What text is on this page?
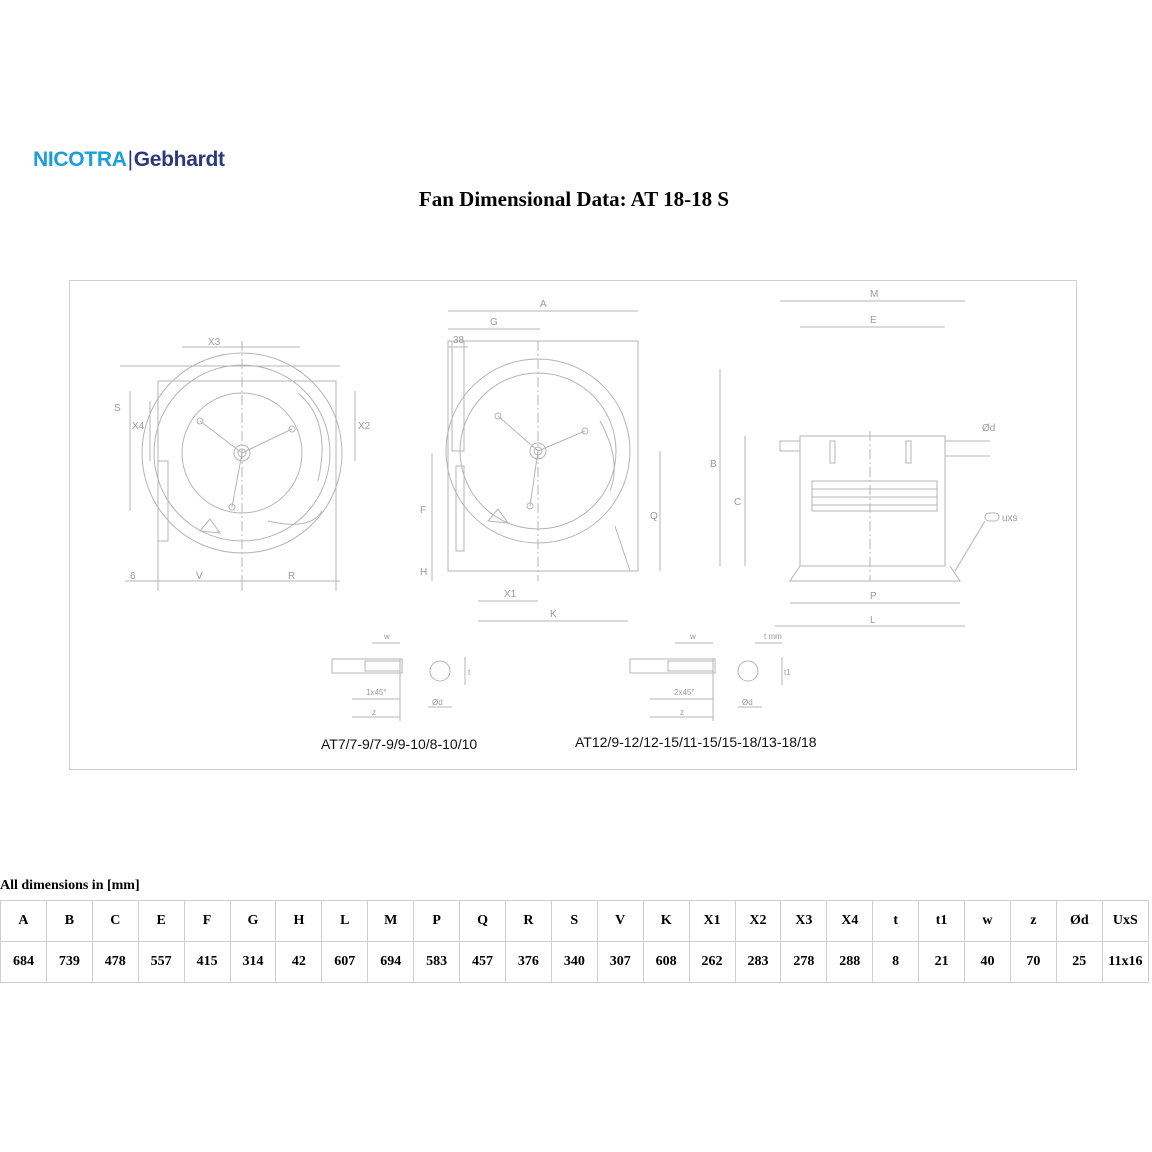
NICOTRA|Gebhardt
Fan Dimensional Data: AT 18-18 S
X3
S
X4	X2
6	V	R
A
G
38
F
H
Q
X1
K
M
E
B
C
Ød
uxs
P
L
w
1x45°
z
Ød
t
w	t mm
2x45°
z
Ød
t1
AT7/7-9/7-9/9-10/8-10/10	AT12/9-12/12-15/11-15/15-18/13-18/18
All dimensions in [mm]
A	B	C	E	F	G	H	L	M	P	Q	R	S	V	K	X1	X2	X3	X4	t	t1	w	z	Ød	UxS
684	739	478	557	415	314	42	607	694	583	457	376	340	307	608	262	283	278	288	8	21	40	70	25	11x16
